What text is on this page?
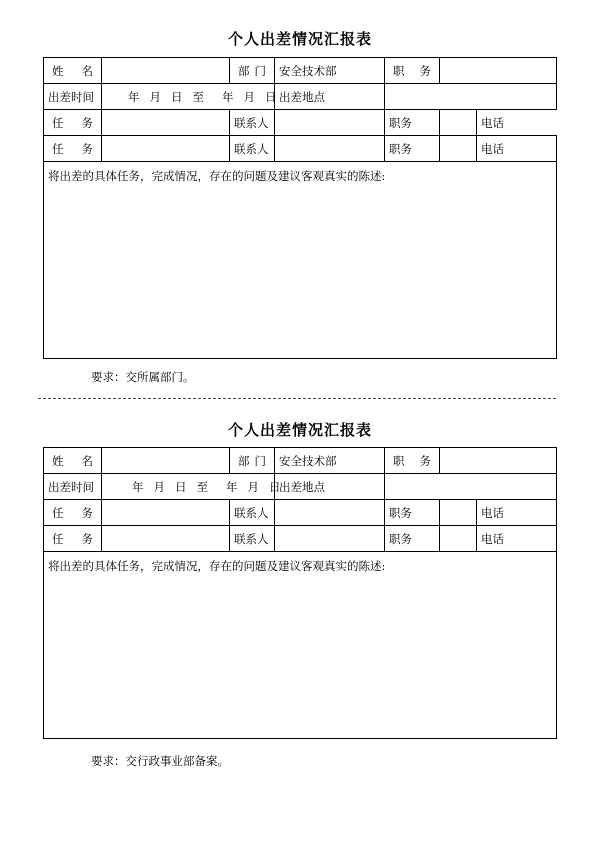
个人出差情况汇报表
姓 名		部 门	安全技术部	职 务		

出差时间	年 月 日 至 年 月 日		出差地点			

任 务		联系人		职务		电话

任 务		联系人		职务		电话
将出差的具体任务，完成情况，存在的问题及建议客观真实的陈述:						
要求：交所属部门。
个人出差情况汇报表
姓 名		部 门	安全技术部	职 务		

出差时间	年 月 日 至 年 月 日		出差地点			

任 务		联系人		职务		电话

任 务		联系人		职务		电话
将出差的具体任务，完成情况，存在的问题及建议客观真实的陈述:						
要求：交行政事业部备案。
